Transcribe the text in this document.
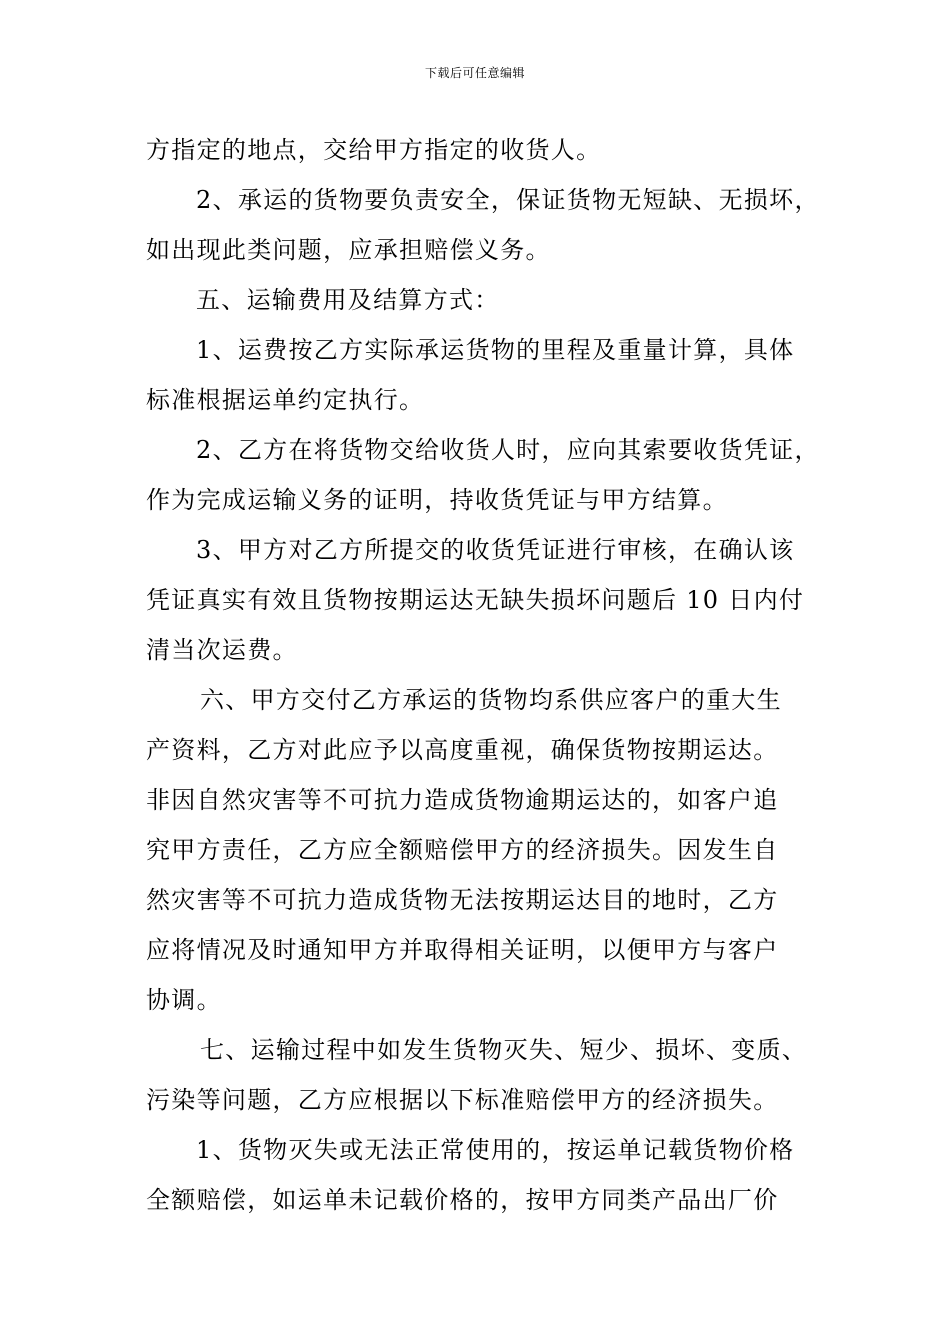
下载后可任意编辑
方指定的地点，交给甲方指定的收货人。
2、承运的货物要负责安全，保证货物无短缺、无损坏，
如出现此类问题，应承担赔偿义务。
五、运输费用及结算方式：
1、运费按乙方实际承运货物的里程及重量计算，具体
标准根据运单约定执行。
2、乙方在将货物交给收货人时，应向其索要收货凭证，
作为完成运输义务的证明，持收货凭证与甲方结算。
3、甲方对乙方所提交的收货凭证进行审核，在确认该
凭证真实有效且货物按期运达无缺失损坏问题后 10 日内付
清当次运费。
六、甲方交付乙方承运的货物均系供应客户的重大生
产资料，乙方对此应予以高度重视，确保货物按期运达。
非因自然灾害等不可抗力造成货物逾期运达的，如客户追
究甲方责任，乙方应全额赔偿甲方的经济损失。因发生自
然灾害等不可抗力造成货物无法按期运达目的地时，乙方
应将情况及时通知甲方并取得相关证明，以便甲方与客户
协调。
七、运输过程中如发生货物灭失、短少、损坏、变质、
污染等问题，乙方应根据以下标准赔偿甲方的经济损失。
1、货物灭失或无法正常使用的，按运单记载货物价格
全额赔偿，如运单未记载价格的，按甲方同类产品出厂价
